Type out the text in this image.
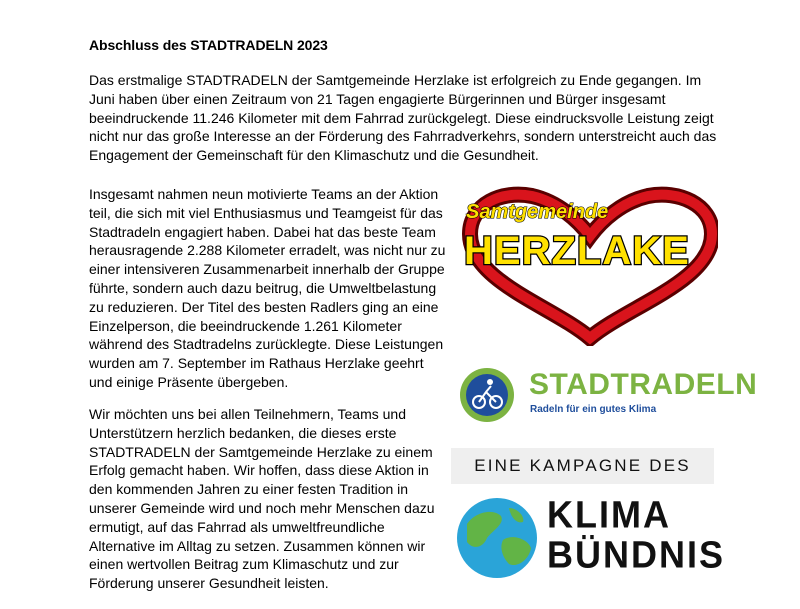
Abschluss des STADTRADELN 2023

Das erstmalige STADTRADELN der Samtgemeinde Herzlake ist erfolgreich zu Ende gegangen. Im Juni haben über einen Zeitraum von 21 Tagen engagierte Bürgerinnen und Bürger insgesamt beeindruckende 11.246 Kilometer mit dem Fahrrad zurückgelegt. Diese eindrucksvolle Leistung zeigt nicht nur das große Interesse an der Förderung des Fahrradverkehrs, sondern unterstreicht auch das Engagement der Gemeinschaft für den Klimaschutz und die Gesundheit.

Insgesamt nahmen neun motivierte Teams an der Aktion teil, die sich mit viel Enthusiasmus und Teamgeist für das Stadtradeln engagiert haben. Dabei hat das beste Team herausragende 2.288 Kilometer erradelt, was nicht nur zu einer intensiveren Zusammenarbeit innerhalb der Gruppe führte, sondern auch dazu beitrug, die Umweltbelastung zu reduzieren. Der Titel des besten Radlers ging an eine Einzelperson, die beeindruckende 1.261 Kilometer während des Stadtradelns zurücklegte. Diese Leistungen wurden am 7. September im Rathaus Herzlake geehrt und einige Präsente übergeben.

Wir möchten uns bei allen Teilnehmern, Teams und Unterstützern herzlich bedanken, die dieses erste STADTRADELN der Samtgemeinde Herzlake zu einem Erfolg gemacht haben. Wir hoffen, dass diese Aktion in den kommenden Jahren zu einer festen Tradition in unserer Gemeinde wird und noch mehr Menschen dazu ermutigt, auf das Fahrrad als umweltfreundliche Alternative im Alltag zu setzen. Zusammen können wir einen wertvollen Beitrag zum Klimaschutz und zur Förderung unserer Gesundheit leisten.

Samtgemeinde
HERZLAKE
STADTRADELN
Radeln für ein gutes Klima
EINE KAMPAGNE DES
KLIMA
BÜNDNIS
